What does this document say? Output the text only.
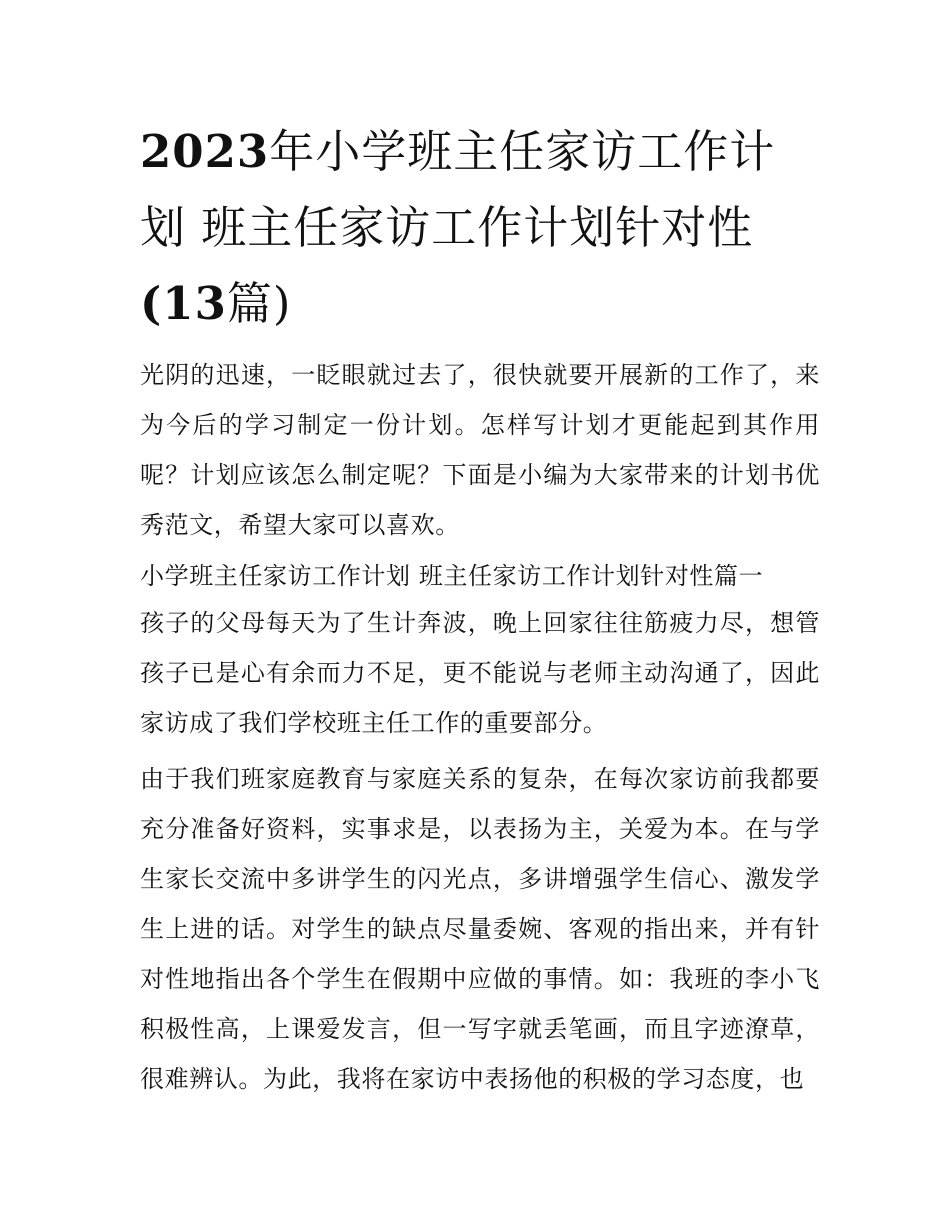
2023年小学班主任家访工作计划 班主任家访工作计划针对性
(13篇)

光阴的迅速，一眨眼就过去了，很快就要开展新的工作了，来为今后的学习制定一份计划。怎样写计划才更能起到其作用呢？计划应该怎么制定呢？下面是小编为大家带来的计划书优秀范文，希望大家可以喜欢。

小学班主任家访工作计划 班主任家访工作计划针对性篇一

孩子的父母每天为了生计奔波，晚上回家往往筋疲力尽，想管孩子已是心有余而力不足，更不能说与老师主动沟通了，因此家访成了我们学校班主任工作的重要部分。

由于我们班家庭教育与家庭关系的复杂，在每次家访前我都要充分准备好资料，实事求是，以表扬为主，关爱为本。在与学生家长交流中多讲学生的闪光点，多讲增强学生信心、激发学生上进的话。对学生的缺点尽量委婉、客观的指出来，并有针对性地指出各个学生在假期中应做的事情。如：我班的李小飞积极性高，上课爱发言，但一写字就丢笔画，而且字迹潦草，很难辨认。为此，我将在家访中表扬他的积极的学习态度，也
